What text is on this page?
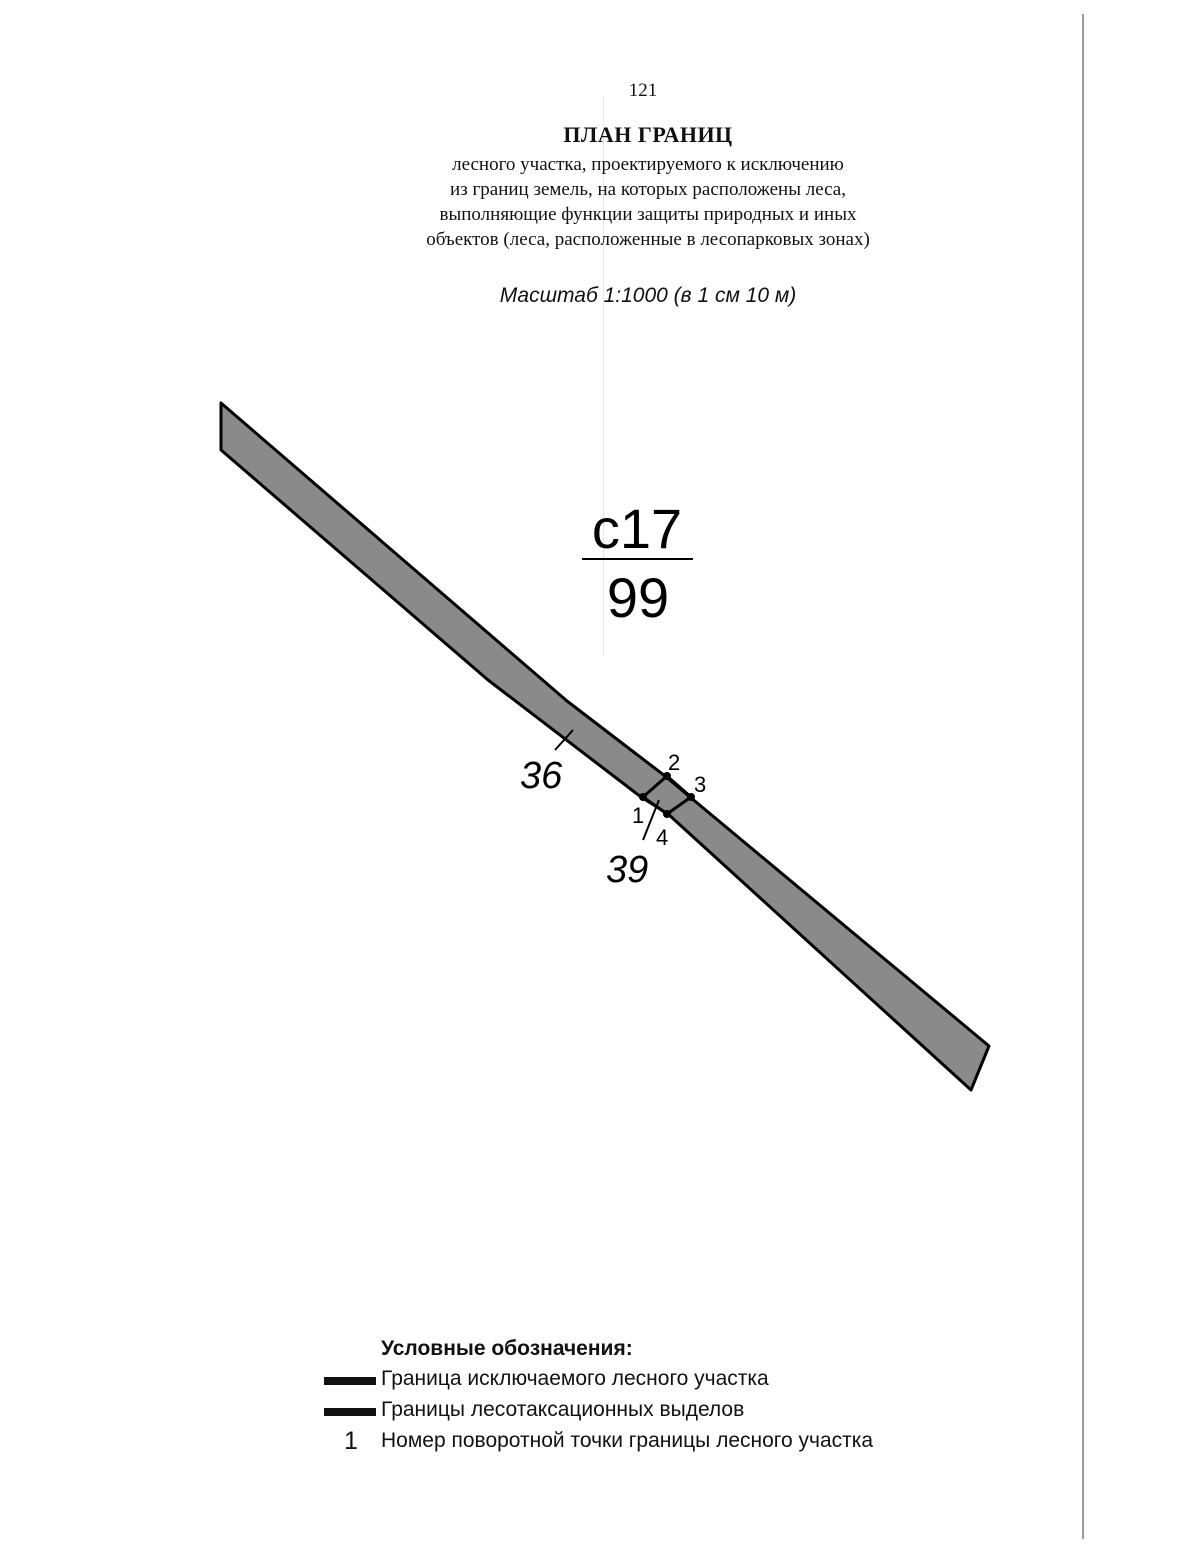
121
ПЛАН ГРАНИЦ
лесного участка, проектируемого к исключению
из границ земель, на которых расположены леса,
выполняющие функции защиты природных и иных
объектов (леса, расположенные в лесопарковых зонах)
Масштаб 1:1000 (в 1 см 10 м)
1
2
3
4
36
39
с17
99
Условные обозначения:
Граница исключаемого лесного участка
Границы лесотаксационных выделов
1 Номер поворотной точки границы лесного участка
